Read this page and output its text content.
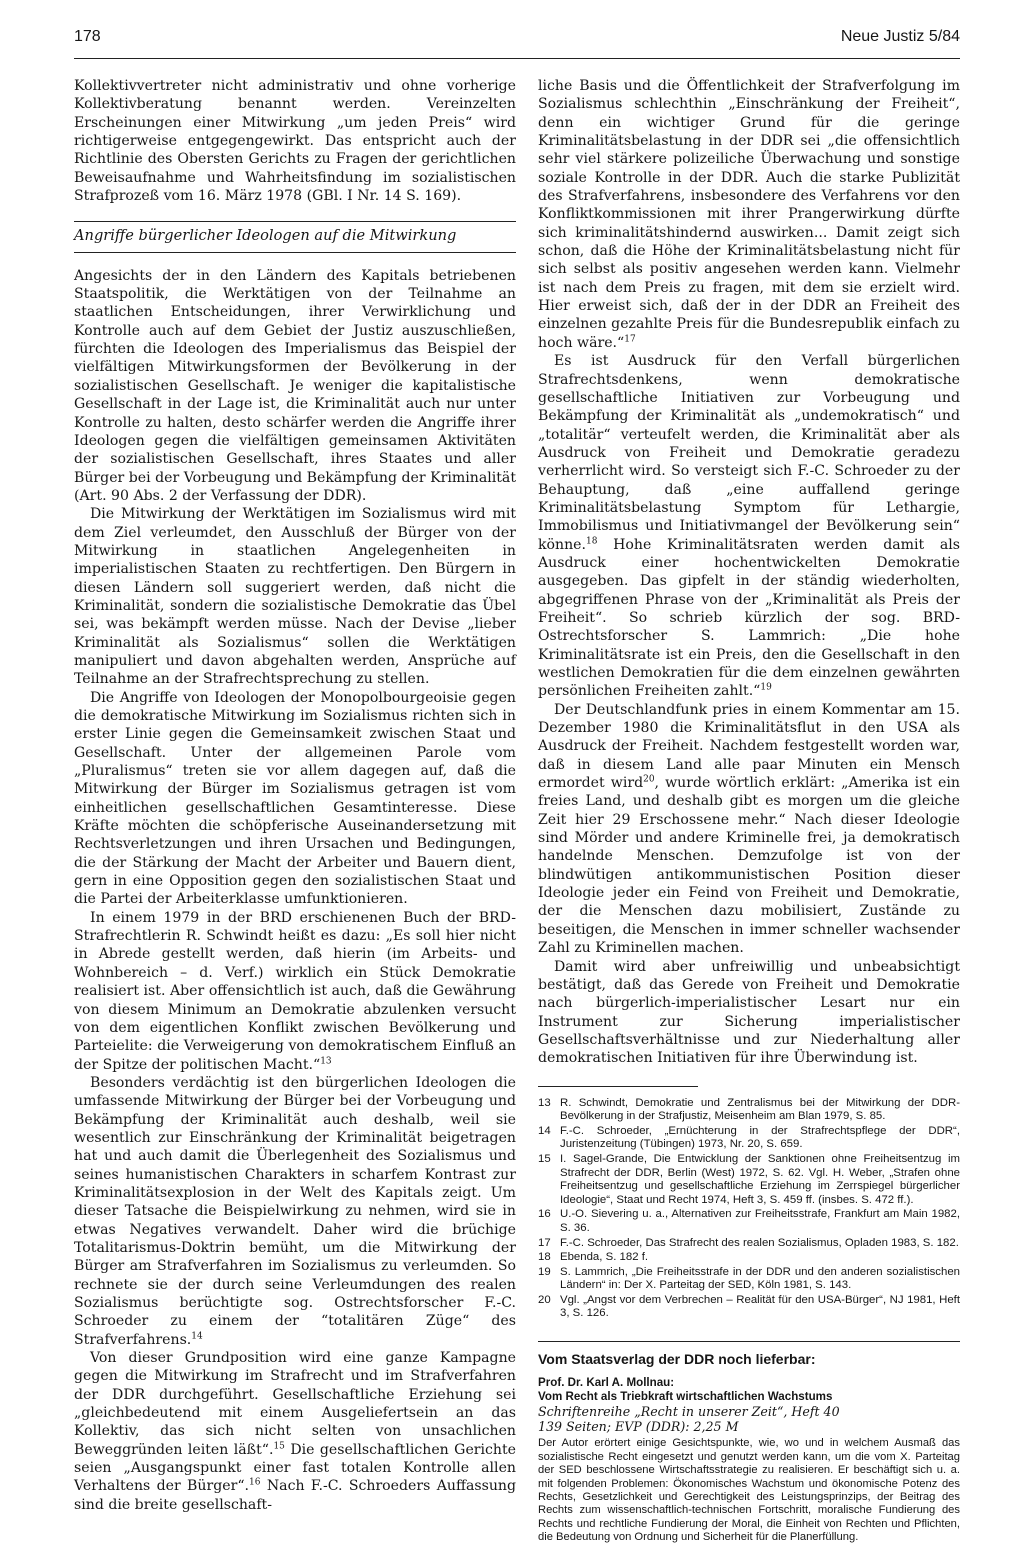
178	Neue Justiz 5/84

Kollektivvertreter nicht administrativ und ohne vorherige Kollektivberatung benannt werden. Vereinzelten Erscheinungen einer Mitwirkung „um jeden Preis“ wird richtigerweise entgegengewirkt. Das entspricht auch der Richtlinie des Obersten Gerichts zu Fragen der gerichtlichen Beweisaufnahme und Wahrheitsfindung im sozialistischen Strafprozeß vom 16. März 1978 (GBl. I Nr. 14 S. 169).

Angriffe bürgerlicher Ideologen auf die Mitwirkung

Angesichts der in den Ländern des Kapitals betriebenen Staatspolitik, die Werktätigen von der Teilnahme an staatlichen Entscheidungen, ihrer Verwirklichung und Kontrolle auch auf dem Gebiet der Justiz auszuschließen, fürchten die Ideologen des Imperialismus das Beispiel der vielfältigen Mitwirkungsformen der Bevölkerung in der sozialistischen Gesellschaft. Je weniger die kapitalistische Gesellschaft in der Lage ist, die Kriminalität auch nur unter Kontrolle zu halten, desto schärfer werden die Angriffe ihrer Ideologen gegen die vielfältigen gemeinsamen Aktivitäten der sozialistischen Gesellschaft, ihres Staates und aller Bürger bei der Vorbeugung und Bekämpfung der Kriminalität (Art. 90 Abs. 2 der Verfassung der DDR).

Die Mitwirkung der Werktätigen im Sozialismus wird mit dem Ziel verleumdet, den Ausschluß der Bürger von der Mitwirkung in staatlichen Angelegenheiten in imperialistischen Staaten zu rechtfertigen. Den Bürgern in diesen Ländern soll suggeriert werden, daß nicht die Kriminalität, sondern die sozialistische Demokratie das Übel sei, was bekämpft werden müsse. Nach der Devise „lieber Kriminalität als Sozialismus“ sollen die Werktätigen manipuliert und davon abgehalten werden, Ansprüche auf Teilnahme an der Strafrechtsprechung zu stellen.

Die Angriffe von Ideologen der Monopolbourgeoisie gegen die demokratische Mitwirkung im Sozialismus richten sich in erster Linie gegen die Gemeinsamkeit zwischen Staat und Gesellschaft. Unter der allgemeinen Parole vom „Pluralismus“ treten sie vor allem dagegen auf, daß die Mitwirkung der Bürger im Sozialismus getragen ist vom einheitlichen gesellschaftlichen Gesamtinteresse. Diese Kräfte möchten die schöpferische Auseinandersetzung mit Rechtsverletzungen und ihren Ursachen und Bedingungen, die der Stärkung der Macht der Arbeiter und Bauern dient, gern in eine Opposition gegen den sozialistischen Staat und die Partei der Arbeiterklasse umfunktionieren.

In einem 1979 in der BRD erschienenen Buch der BRD-Strafrechtlerin R. Schwindt heißt es dazu: „Es soll hier nicht in Abrede gestellt werden, daß hierin (im Arbeits- und Wohnbereich – d. Verf.) wirklich ein Stück Demokratie realisiert ist. Aber offensichtlich ist auch, daß die Gewährung von diesem Minimum an Demokratie abzulenken versucht von dem eigentlichen Konflikt zwischen Bevölkerung und Parteielite: die Verweigerung von demokratischem Einfluß an der Spitze der politischen Macht.“$^{13}$

Besonders verdächtig ist den bürgerlichen Ideologen die umfassende Mitwirkung der Bürger bei der Vorbeugung und Bekämpfung der Kriminalität auch deshalb, weil sie wesentlich zur Einschränkung der Kriminalität beigetragen hat und auch damit die Überlegenheit des Sozialismus und seines humanistischen Charakters in scharfem Kontrast zur Kriminalitätsexplosion in der Welt des Kapitals zeigt. Um dieser Tatsache die Beispielwirkung zu nehmen, wird sie in etwas Negatives verwandelt. Daher wird die brüchige Totalitarismus-Doktrin bemüht, um die Mitwirkung der Bürger am Strafverfahren im Sozialismus zu verleumden. So rechnete sie der durch seine Verleumdungen des realen Sozialismus berüchtigte sog. Ostrechtsforscher F.-C. Schroeder zu einem der “totalitären Züge“ des Strafverfahrens.$^{14}$

Von dieser Grundposition wird eine ganze Kampagne gegen die Mitwirkung im Strafrecht und im Strafverfahren der DDR durchgeführt. Gesellschaftliche Erziehung sei „gleichbedeutend mit einem Ausgeliefertsein an das Kollektiv, das sich nicht selten von unsachlichen Beweggründen leiten läßt“.$^{15}$ Die gesellschaftlichen Gerichte seien „Ausgangspunkt einer fast totalen Kontrolle allen Verhaltens der Bürger“.$^{16}$ Nach F.-C. Schroeders Auffassung sind die breite gesellschaft-

liche Basis und die Öffentlichkeit der Strafverfolgung im Sozialismus schlechthin „Einschränkung der Freiheit“, denn ein wichtiger Grund für die geringe Kriminalitätsbelastung in der DDR sei „die offensichtlich sehr viel stärkere polizeiliche Überwachung und sonstige soziale Kontrolle in der DDR. Auch die starke Publizität des Strafverfahrens, insbesondere des Verfahrens vor den Konfliktkommissionen mit ihrer Prangerwirkung dürfte sich kriminalitätshindernd auswirken... Damit zeigt sich schon, daß die Höhe der Kriminalitätsbelastung nicht für sich selbst als positiv angesehen werden kann. Vielmehr ist nach dem Preis zu fragen, mit dem sie erzielt wird. Hier erweist sich, daß der in der DDR an Freiheit des einzelnen gezahlte Preis für die Bundesrepublik einfach zu hoch wäre.“$^{17}$

Es ist Ausdruck für den Verfall bürgerlichen Strafrechtsdenkens, wenn demokratische gesellschaftliche Initiativen zur Vorbeugung und Bekämpfung der Kriminalität als „undemokratisch“ und „totalitär“ verteufelt werden, die Kriminalität aber als Ausdruck von Freiheit und Demokratie geradezu verherrlicht wird. So versteigt sich F.-C. Schroeder zu der Behauptung, daß „eine auffallend geringe Kriminalitätsbelastung Symptom für Lethargie, Immobilismus und Initiativmangel der Bevölkerung sein“ könne.$^{18}$ Hohe Kriminalitätsraten werden damit als Ausdruck einer hochentwickelten Demokratie ausgegeben. Das gipfelt in der ständig wiederholten, abgegriffenen Phrase von der „Kriminalität als Preis der Freiheit“. So schrieb kürzlich der sog. BRD-Ostrechtsforscher S. Lammrich: „Die hohe Kriminalitätsrate ist ein Preis, den die Gesellschaft in den westlichen Demokratien für die dem einzelnen gewährten persönlichen Freiheiten zahlt.“$^{19}$

Der Deutschlandfunk pries in einem Kommentar am 15. Dezember 1980 die Kriminalitätsflut in den USA als Ausdruck der Freiheit. Nachdem festgestellt worden war, daß in diesem Land alle paar Minuten ein Mensch ermordet wird$^{20}$, wurde wörtlich erklärt: „Amerika ist ein freies Land, und deshalb gibt es morgen um die gleiche Zeit hier 29 Erschossene mehr.“ Nach dieser Ideologie sind Mörder und andere Kriminelle frei, ja demokratisch handelnde Menschen. Demzufolge ist von der blindwütigen antikommunistischen Position dieser Ideologie jeder ein Feind von Freiheit und Demokratie, der die Menschen dazu mobilisiert, Zustände zu beseitigen, die Menschen in immer schneller wachsender Zahl zu Kriminellen machen.

Damit wird aber unfreiwillig und unbeabsichtigt bestätigt, daß das Gerede von Freiheit und Demokratie nach bürgerlich-imperialistischer Lesart nur ein Instrument zur Sicherung imperialistischer Gesellschaftsverhältnisse und zur Niederhaltung aller demokratischen Initiativen für ihre Überwindung ist.

13 R. Schwindt, Demokratie und Zentralismus bei der Mitwirkung der DDR-Bevölkerung in der Strafjustiz, Meisenheim am Blan 1979, S. 85.
14 F.-C. Schroeder, „Ernüchterung in der Strafrechtspflege der DDR“, Juristenzeitung (Tübingen) 1973, Nr. 20, S. 659.
15 I. Sagel-Grande, Die Entwicklung der Sanktionen ohne Freiheitsentzug im Strafrecht der DDR, Berlin (West) 1972, S. 62. Vgl. H. Weber, „Strafen ohne Freiheitsentzug und gesellschaftliche Erziehung im Zerrspiegel bürgerlicher Ideologie“, Staat und Recht 1974, Heft 3, S. 459 ff. (insbes. S. 472 ff.).
16 U.-O. Sievering u. a., Alternativen zur Freiheitsstrafe, Frankfurt am Main 1982, S. 36.
17 F.-C. Schroeder, Das Strafrecht des realen Sozialismus, Opladen 1983, S. 182.
18 Ebenda, S. 182 f.
19 S. Lammrich, „Die Freiheitsstrafe in der DDR und den anderen sozialistischen Ländern“ in: Der X. Parteitag der SED, Köln 1981, S. 143.
20 Vgl. „Angst vor dem Verbrechen – Realität für den USA-Bürger“, NJ 1981, Heft 3, S. 126.
Vom Staatsverlag der DDR noch lieferbar:
Prof. Dr. Karl A. Mollnau:
Vom Recht als Triebkraft wirtschaftlichen Wachstums
Schriftenreihe „Recht in unserer Zeit“, Heft 40
139 Seiten; EVP (DDR): 2,25 M
Der Autor erörtert einige Gesichtspunkte, wie, wo und in welchem Ausmaß das sozialistische Recht eingesetzt und genutzt werden kann, um die vom X. Parteitag der SED beschlossene Wirtschaftsstrategie zu realisieren. Er beschäftigt sich u. a. mit folgenden Problemen: Ökonomisches Wachstum und ökonomische Potenz des Rechts, Gesetzlichkeit und Gerechtigkeit des Leistungsprinzips, der Beitrag des Rechts zum wissenschaftlich-technischen Fortschritt, moralische Fundierung des Rechts und rechtliche Fundierung der Moral, die Einheit von Rechten und Pflichten, die Bedeutung von Ordnung und Sicherheit für die Planerfüllung.
